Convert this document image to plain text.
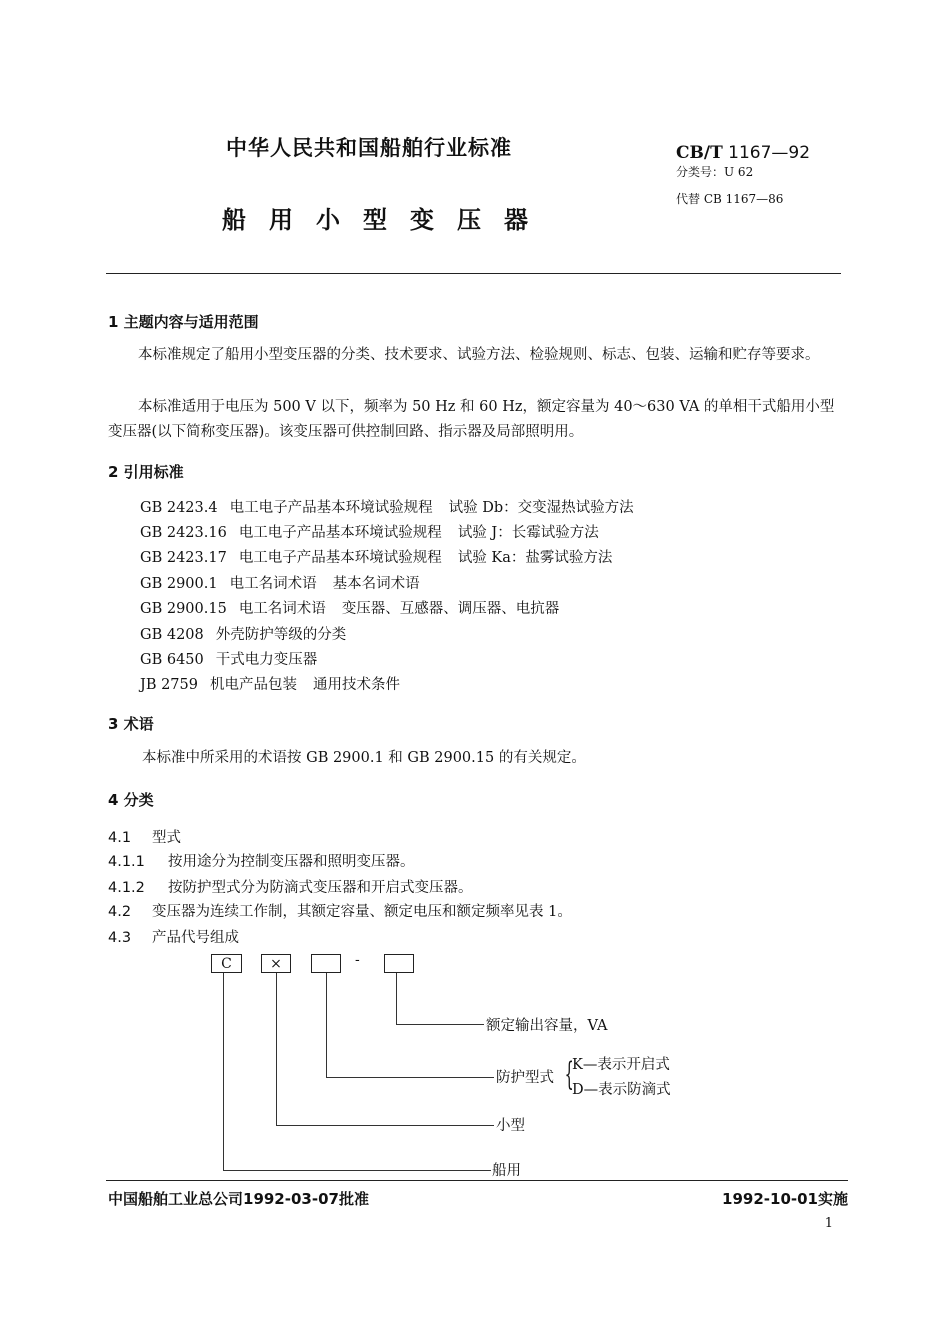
中华人民共和国船舶行业标准
船用小型变压器
CB/T 1167—92
分类号：U 62
代替 CB 1167—86
1 主题内容与适用范围
本标准规定了船用小型变压器的分类、技术要求、试验方法、检验规则、标志、包装、运输和贮存等要求。
本标准适用于电压为 500 V 以下，频率为 50 Hz 和 60 Hz，额定容量为 40～630 VA 的单相干式船用小型变压器(以下简称变压器)。该变压器可供控制回路、指示器及局部照明用。
2 引用标准
GB 2423.4 电工电子产品基本环境试验规程 试验 Db：交变湿热试验方法
GB 2423.16 电工电子产品基本环境试验规程 试验 J：长霉试验方法
GB 2423.17 电工电子产品基本环境试验规程 试验 Ka：盐雾试验方法
GB 2900.1 电工名词术语 基本名词术语
GB 2900.15 电工名词术语 变压器、互感器、调压器、电抗器
GB 4208 外壳防护等级的分类
GB 6450 干式电力变压器
JB 2759 机电产品包装 通用技术条件
3 术语
本标准中所采用的术语按 GB 2900.1 和 GB 2900.15 的有关规定。
4 分类
4.1 型式
4.1.1 按用途分为控制变压器和照明变压器。
4.1.2 按防护型式分为防滴式变压器和开启式变压器。
4.2 变压器为连续工作制，其额定容量、额定电压和额定频率见表 1。
4.3 产品代号组成
C	×	-
额定输出容量，VA
防护型式 {
K—表示开启式
D—表示防滴式
小型
船用
中国船舶工业总公司1992-03-07批准	1992-10-01实施
1
